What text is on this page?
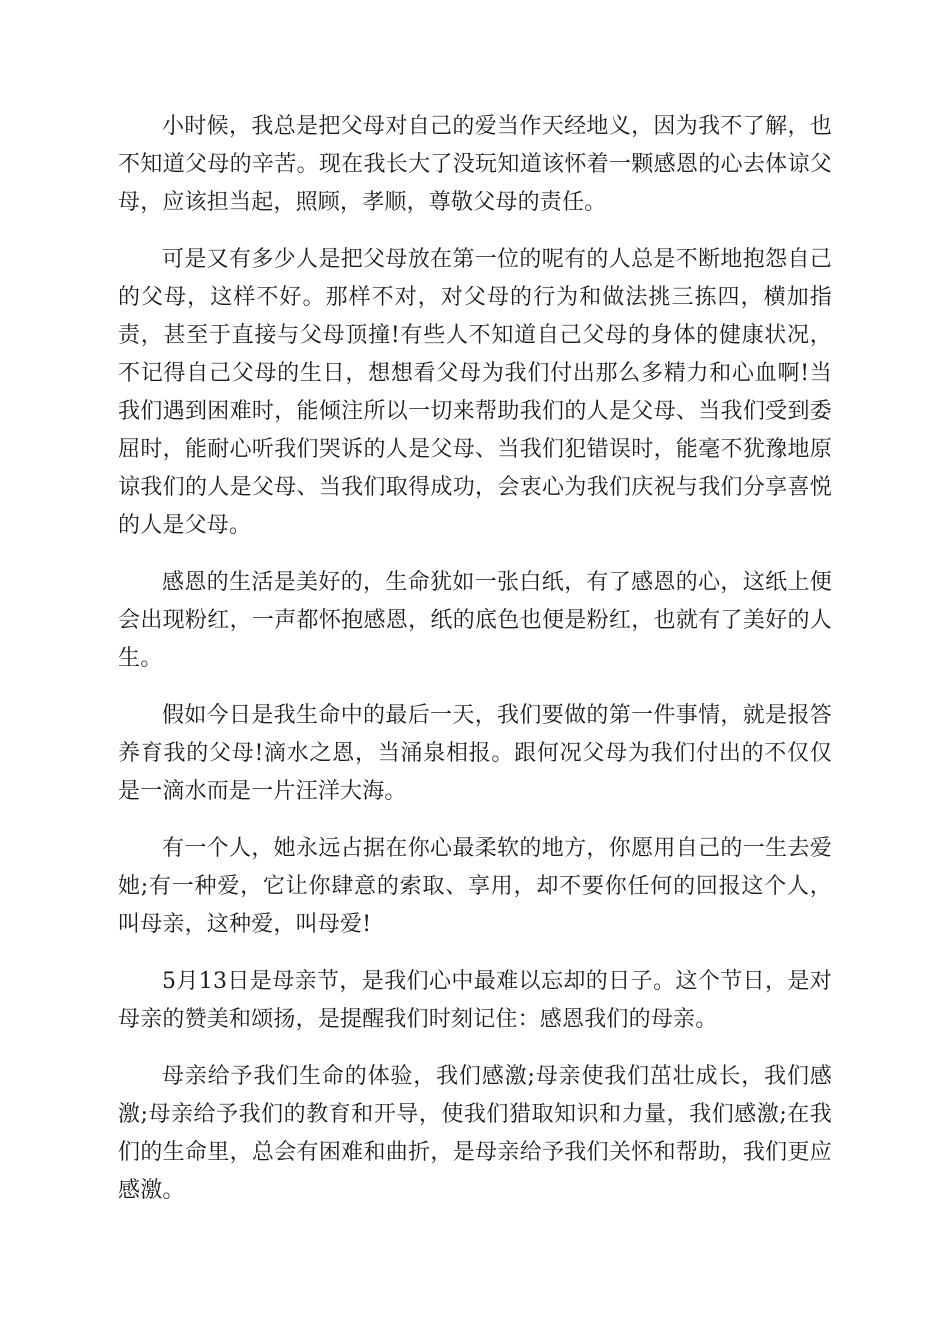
小时候，我总是把父母对自己的爱当作天经地义，因为我不了解，也不知道父母的辛苦。现在我长大了没玩知道该怀着一颗感恩的心去体谅父母，应该担当起，照顾，孝顺，尊敬父母的责任。

可是又有多少人是把父母放在第一位的呢有的人总是不断地抱怨自己的父母，这样不好。那样不对，对父母的行为和做法挑三拣四，横加指责，甚至于直接与父母顶撞!有些人不知道自己父母的身体的健康状况，不记得自己父母的生日，想想看父母为我们付出那么多精力和心血啊!当我们遇到困难时，能倾注所以一切来帮助我们的人是父母、当我们受到委屈时，能耐心听我们哭诉的人是父母、当我们犯错误时，能毫不犹豫地原谅我们的人是父母、当我们取得成功，会衷心为我们庆祝与我们分享喜悦的人是父母。

感恩的生活是美好的，生命犹如一张白纸，有了感恩的心，这纸上便会出现粉红，一声都怀抱感恩，纸的底色也便是粉红，也就有了美好的人生。

假如今日是我生命中的最后一天，我们要做的第一件事情，就是报答养育我的父母!滴水之恩，当涌泉相报。跟何况父母为我们付出的不仅仅是一滴水而是一片汪洋大海。

有一个人，她永远占据在你心最柔软的地方，你愿用自己的一生去爱她;有一种爱，它让你肆意的索取、享用，却不要你任何的回报这个人，叫母亲，这种爱，叫母爱!

5月13日是母亲节，是我们心中最难以忘却的日子。这个节日，是对母亲的赞美和颂扬，是提醒我们时刻记住：感恩我们的母亲。

母亲给予我们生命的体验，我们感激;母亲使我们茁壮成长，我们感激;母亲给予我们的教育和开导，使我们猎取知识和力量，我们感激;在我们的生命里，总会有困难和曲折，是母亲给予我们关怀和帮助，我们更应感激。
